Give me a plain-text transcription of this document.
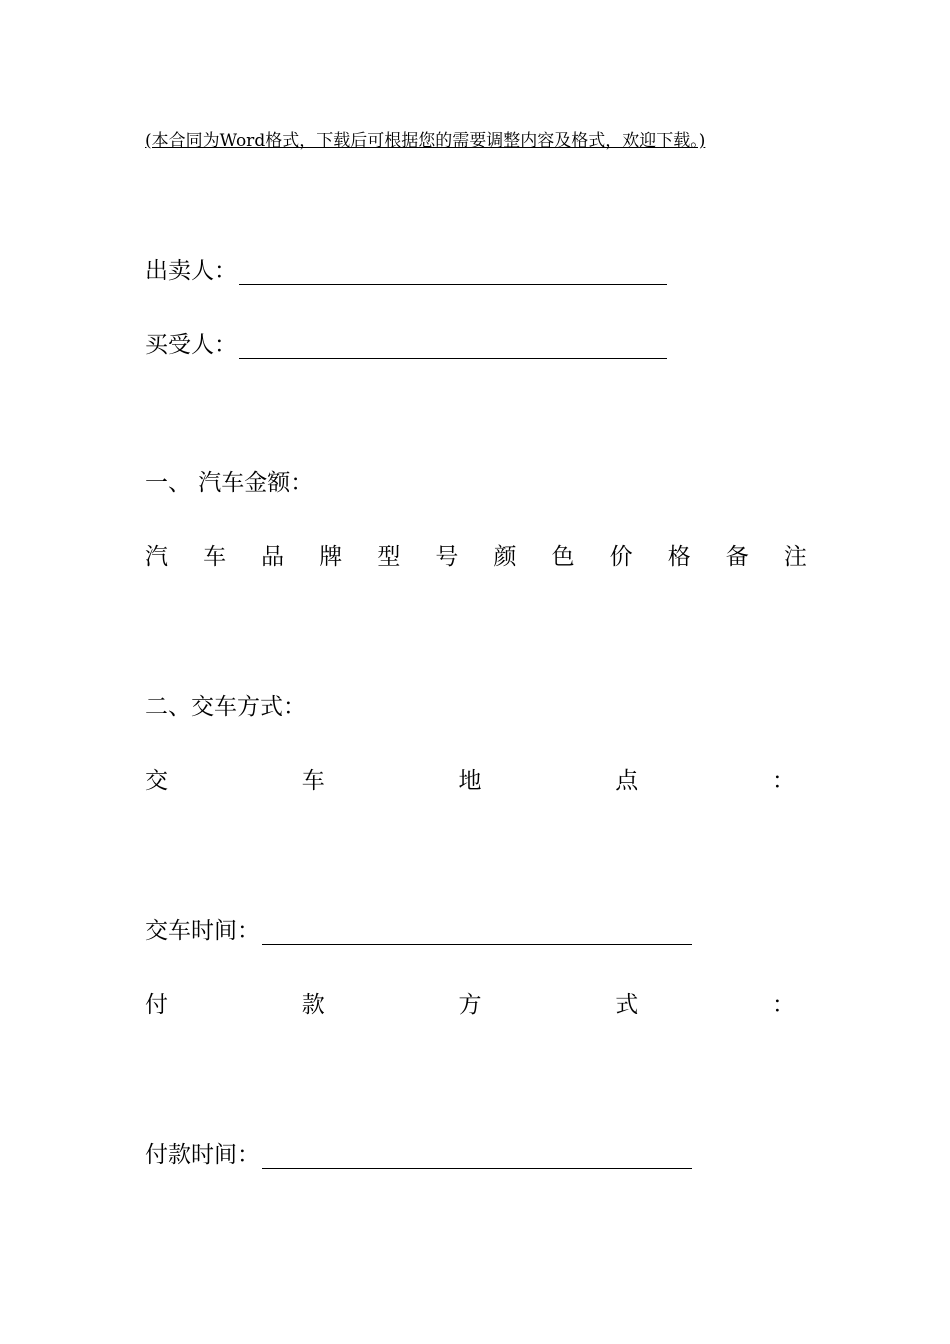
(本合同为Word格式，下载后可根据您的需要调整内容及格式，欢迎下载。)
出卖人：
买受人：
一、 汽车金额：
汽 车 品 牌 型 号 颜 色 价 格 备 注
二、交车方式：
交	车	地	点	：
交车时间：
付	款	方	式	：
付款时间：
